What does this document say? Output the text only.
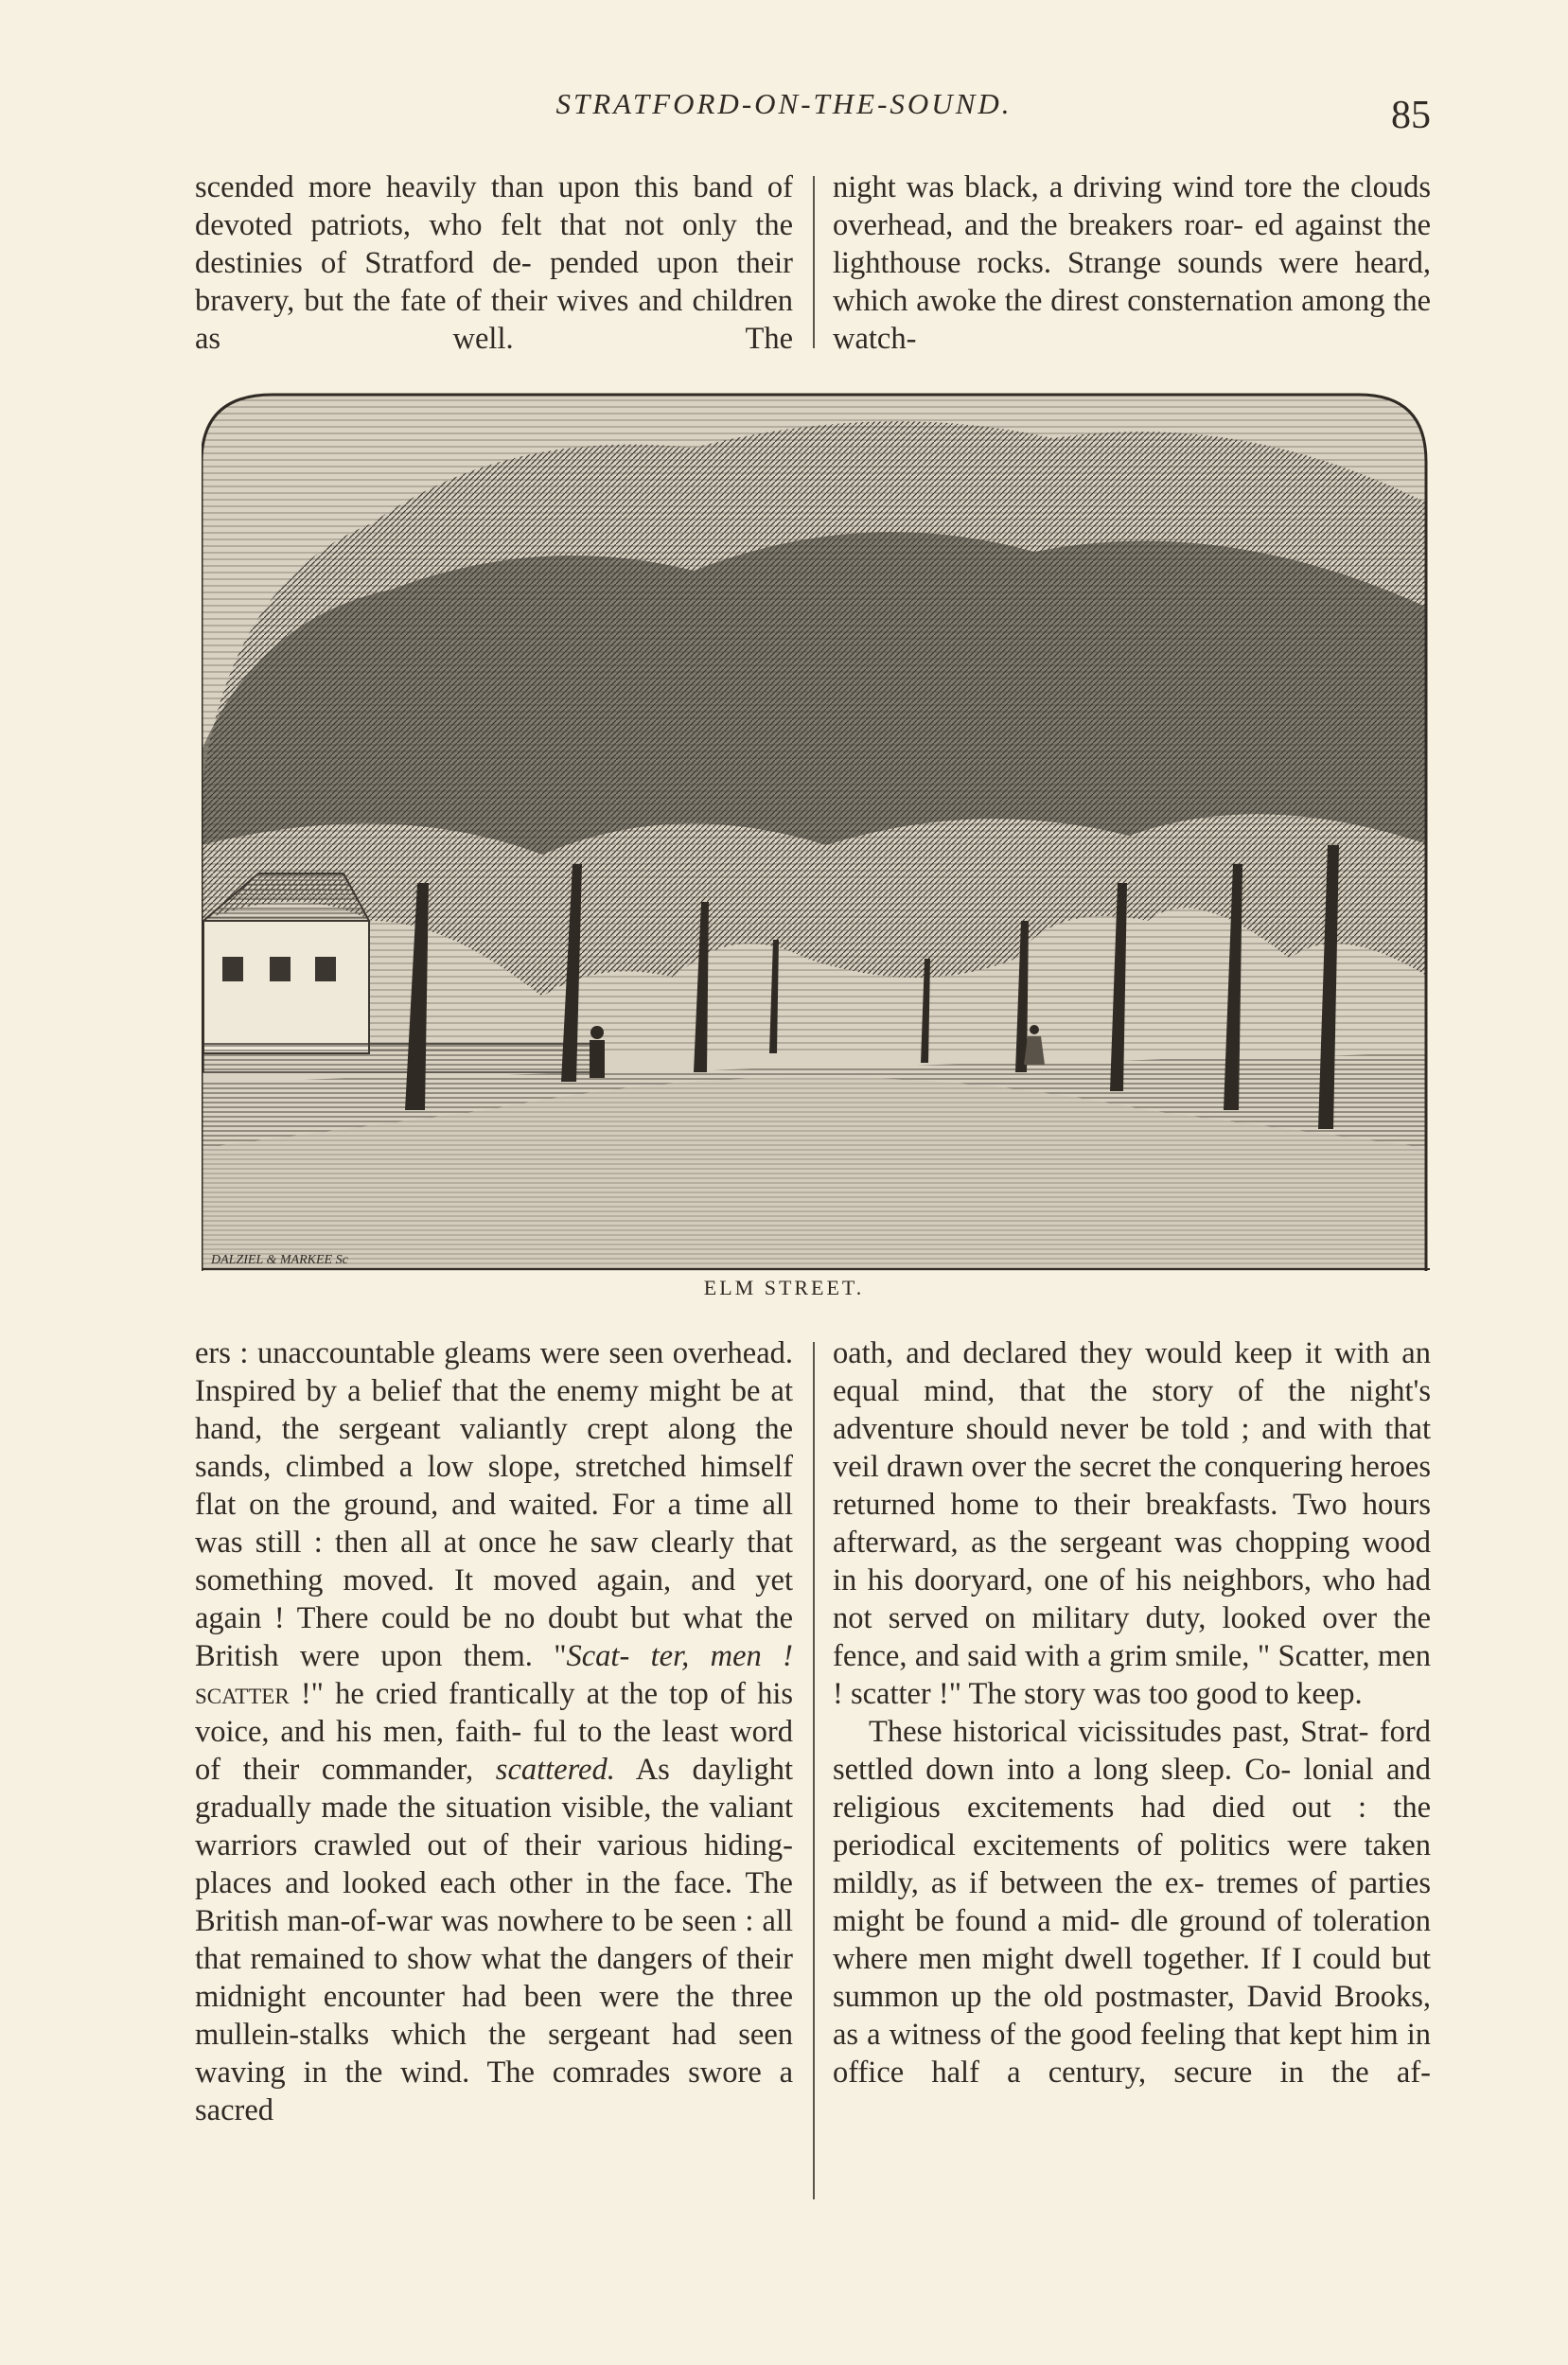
STRATFORD-ON-THE-SOUND.	85

scended more heavily than upon this band of devoted patriots, who felt that not only the destinies of Stratford de- pended upon their bravery, but the fate of their wives and children as well. The

night was black, a driving wind tore the clouds overhead, and the breakers roar- ed against the lighthouse rocks. Strange sounds were heard, which awoke the direst consternation among the watch-

DALZIEL & MARKEE Sc
ELM STREET.

ers : unaccountable gleams were seen overhead. Inspired by a belief that the enemy might be at hand, the sergeant valiantly crept along the sands, climbed a low slope, stretched himself flat on the ground, and waited. For a time all was still : then all at once he saw clearly that something moved. It moved again, and yet again ! There could be no doubt but what the British were upon them. "Scat- ter, men ! scatter !" he cried frantically at the top of his voice, and his men, faith- ful to the least word of their commander, scattered. As daylight gradually made the situation visible, the valiant warriors crawled out of their various hiding-places and looked each other in the face. The British man-of-war was nowhere to be seen : all that remained to show what the dangers of their midnight encounter had been were the three mullein-stalks which the sergeant had seen waving in the wind. The comrades swore a sacred

oath, and declared they would keep it with an equal mind, that the story of the night's adventure should never be told ; and with that veil drawn over the secret the conquering heroes returned home to their breakfasts. Two hours afterward, as the sergeant was chopping wood in his dooryard, one of his neighbors, who had not served on military duty, looked over the fence, and said with a grim smile, " Scatter, men ! scatter !" The story was too good to keep.

These historical vicissitudes past, Strat- ford settled down into a long sleep. Co- lonial and religious excitements had died out : the periodical excitements of politics were taken mildly, as if between the ex- tremes of parties might be found a mid- dle ground of toleration where men might dwell together. If I could but summon up the old postmaster, David Brooks, as a witness of the good feeling that kept him in office half a century, secure in the af-
